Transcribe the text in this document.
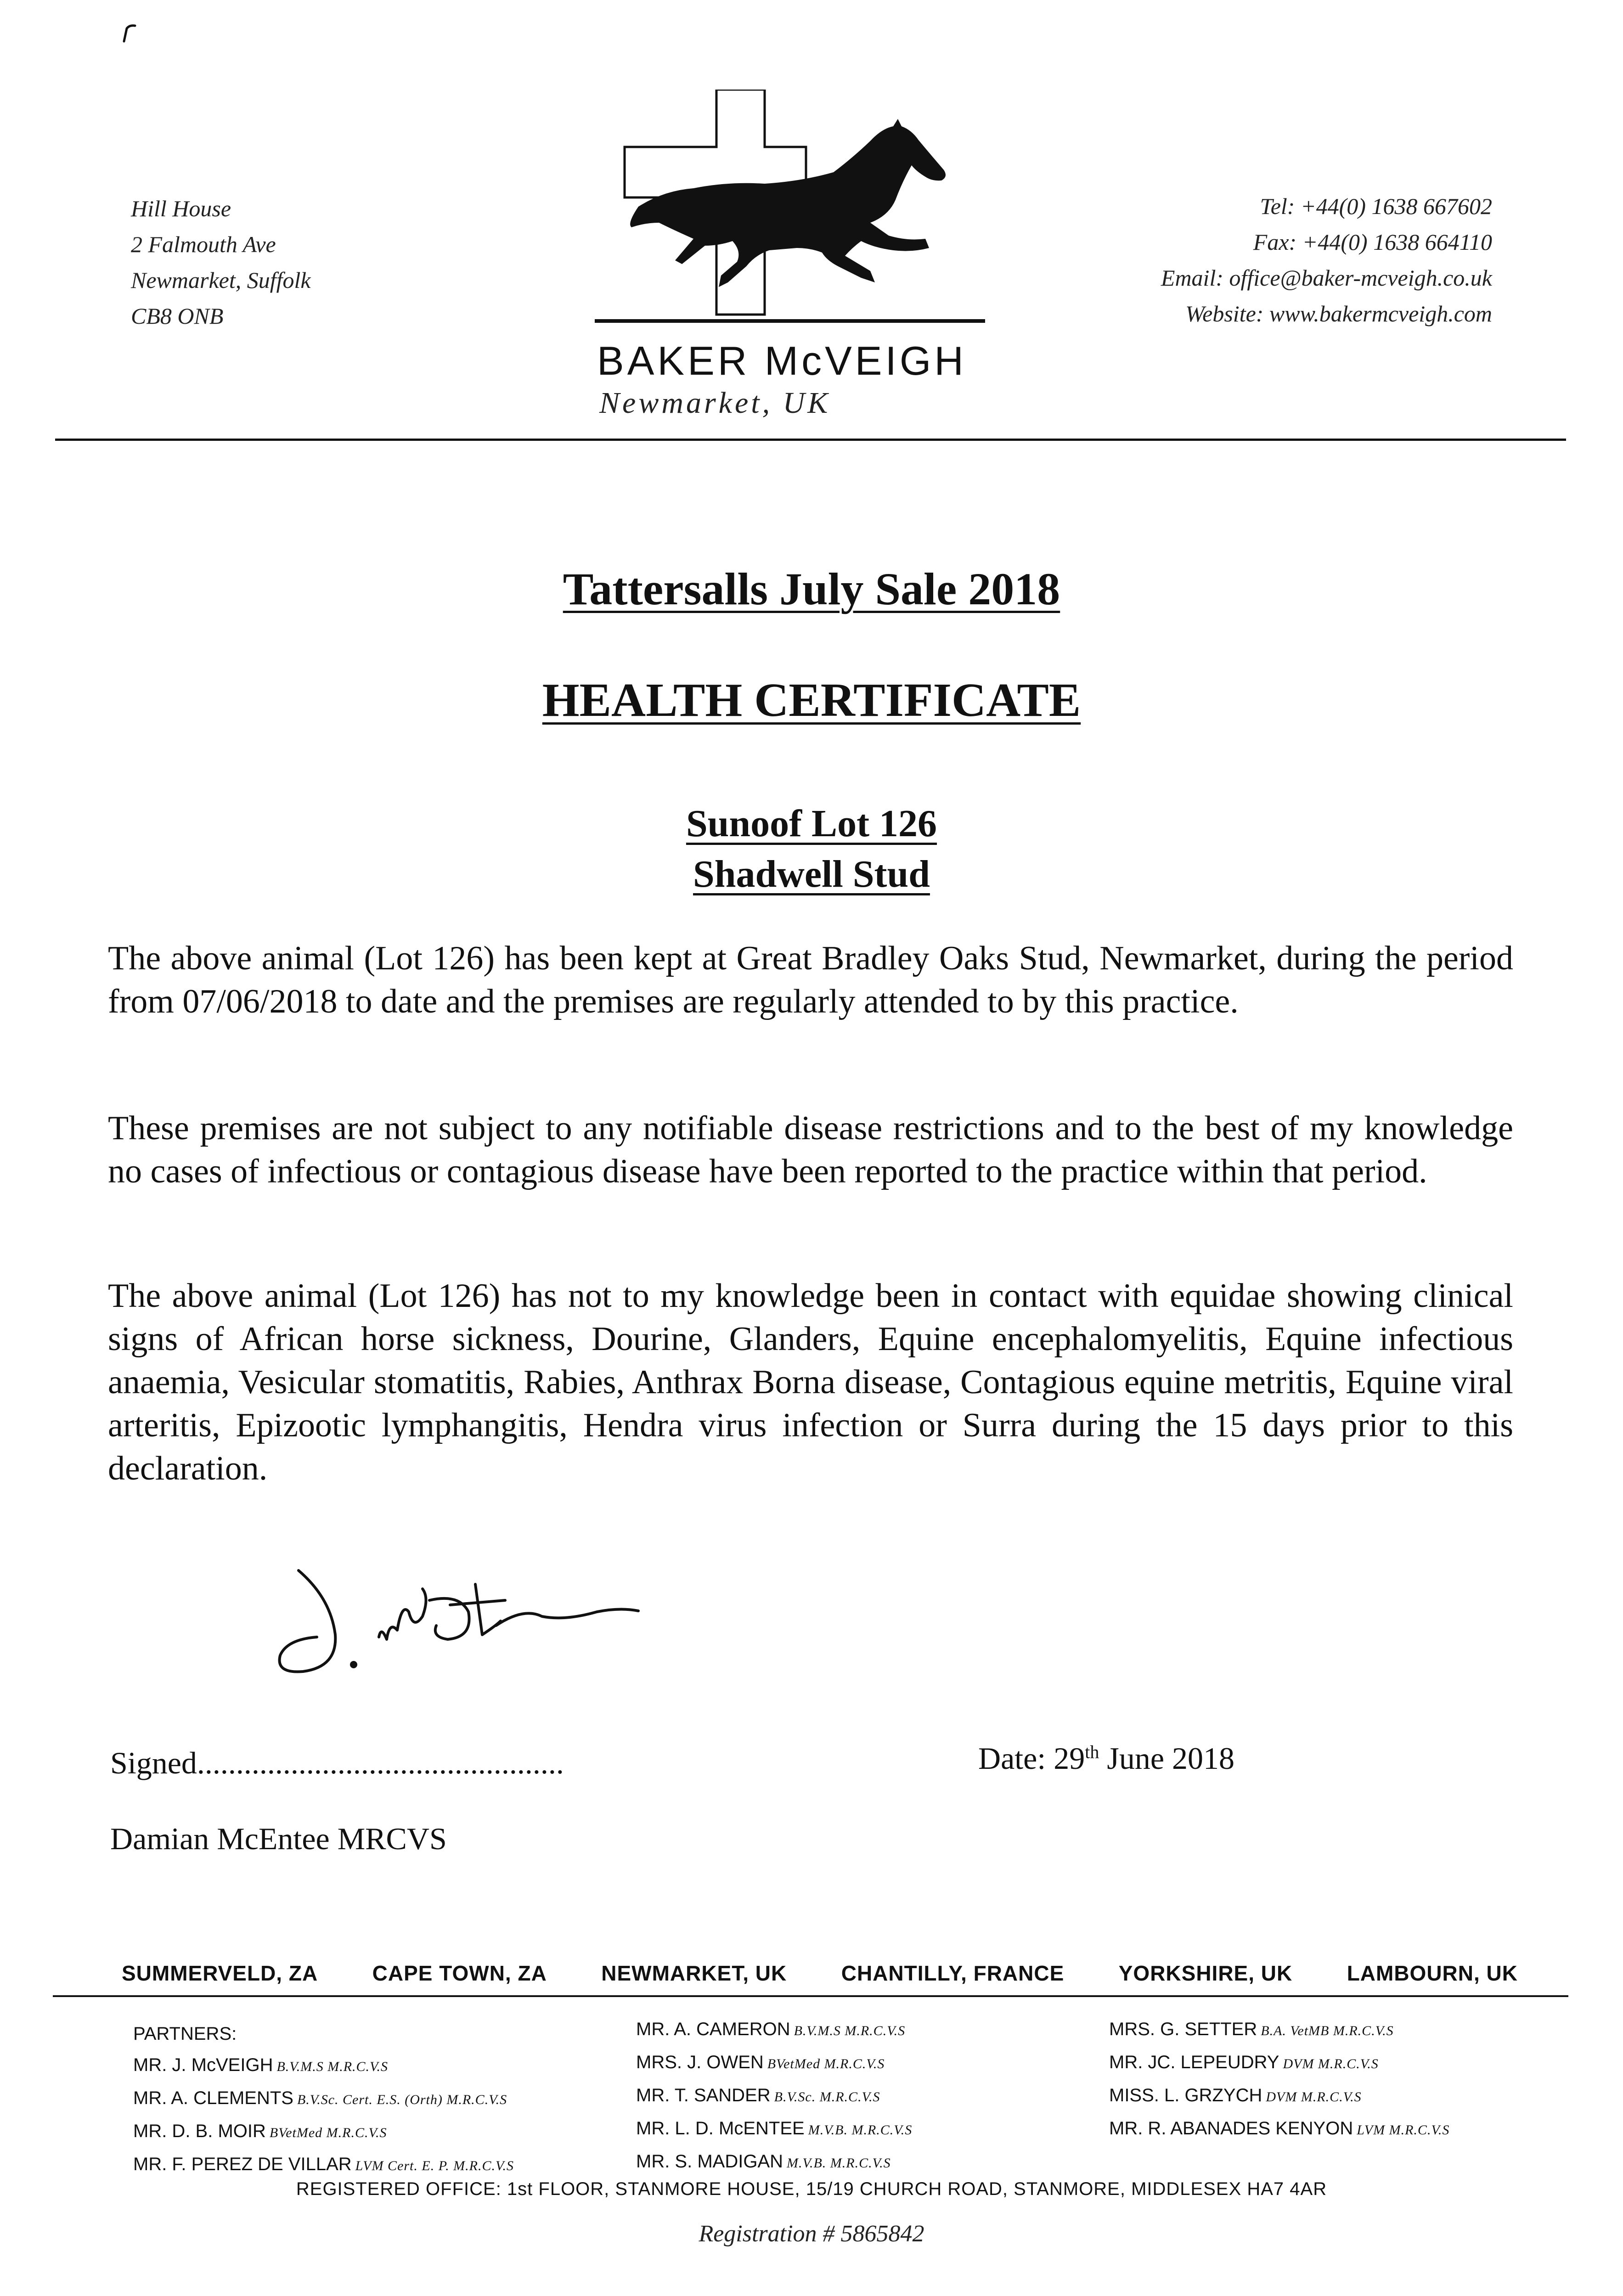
Hill House
2 Falmouth Ave
Newmarket, Suffolk
CB8 ONB
BAKER McVEIGH
Newmarket, UK
Tel: +44(0) 1638 667602
Fax: +44(0) 1638 664110
Email: office@baker-mcveigh.co.uk
Website: www.bakermcveigh.com
Tattersalls July Sale 2018
HEALTH CERTIFICATE
Sunoof Lot 126
Shadwell Stud
The above animal (Lot 126) has been kept at Great Bradley Oaks Stud, Newmarket, during the period from 07/06/2018 to date and the premises are regularly attended to by this practice.
These premises are not subject to any notifiable disease restrictions and to the best of my knowledge no cases of infectious or contagious disease have been reported to the practice within that period.
The above animal (Lot 126) has not to my knowledge been in contact with equidae showing clinical signs of African horse sickness, Dourine, Glanders, Equine encephalomyelitis, Equine infectious anaemia, Vesicular stomatitis, Rabies, Anthrax Borna disease, Contagious equine metritis, Equine viral arteritis, Epizootic lymphangitis, Hendra virus infection or Surra during the 15 days prior to this declaration.
Signed...............................................	Date: 29th June 2018
Damian McEntee MRCVS
SUMMERVELD, ZA	CAPE TOWN, ZA	NEWMARKET, UK	CHANTILLY, FRANCE	YORKSHIRE, UK	LAMBOURN, UK
PARTNERS:
MR. J. McVEIGH B.V.M.S M.R.C.V.S
MR. A. CLEMENTS B.V.Sc. Cert. E.S. (Orth) M.R.C.V.S
MR. D. B. MOIR BVetMed M.R.C.V.S
MR. F. PEREZ DE VILLAR LVM Cert. E. P. M.R.C.V.S
MR. A. CAMERON B.V.M.S M.R.C.V.S
MRS. J. OWEN BVetMed M.R.C.V.S
MR. T. SANDER B.V.Sc. M.R.C.V.S
MR. L. D. McENTEE M.V.B. M.R.C.V.S
MR. S. MADIGAN M.V.B. M.R.C.V.S
MRS. G. SETTER B.A. VetMB M.R.C.V.S
MR. JC. LEPEUDRY DVM M.R.C.V.S
MISS. L. GRZYCH DVM M.R.C.V.S
MR. R. ABANADES KENYON LVM M.R.C.V.S
REGISTERED OFFICE: 1st FLOOR, STANMORE HOUSE, 15/19 CHURCH ROAD, STANMORE, MIDDLESEX HA7 4AR
Registration # 5865842
